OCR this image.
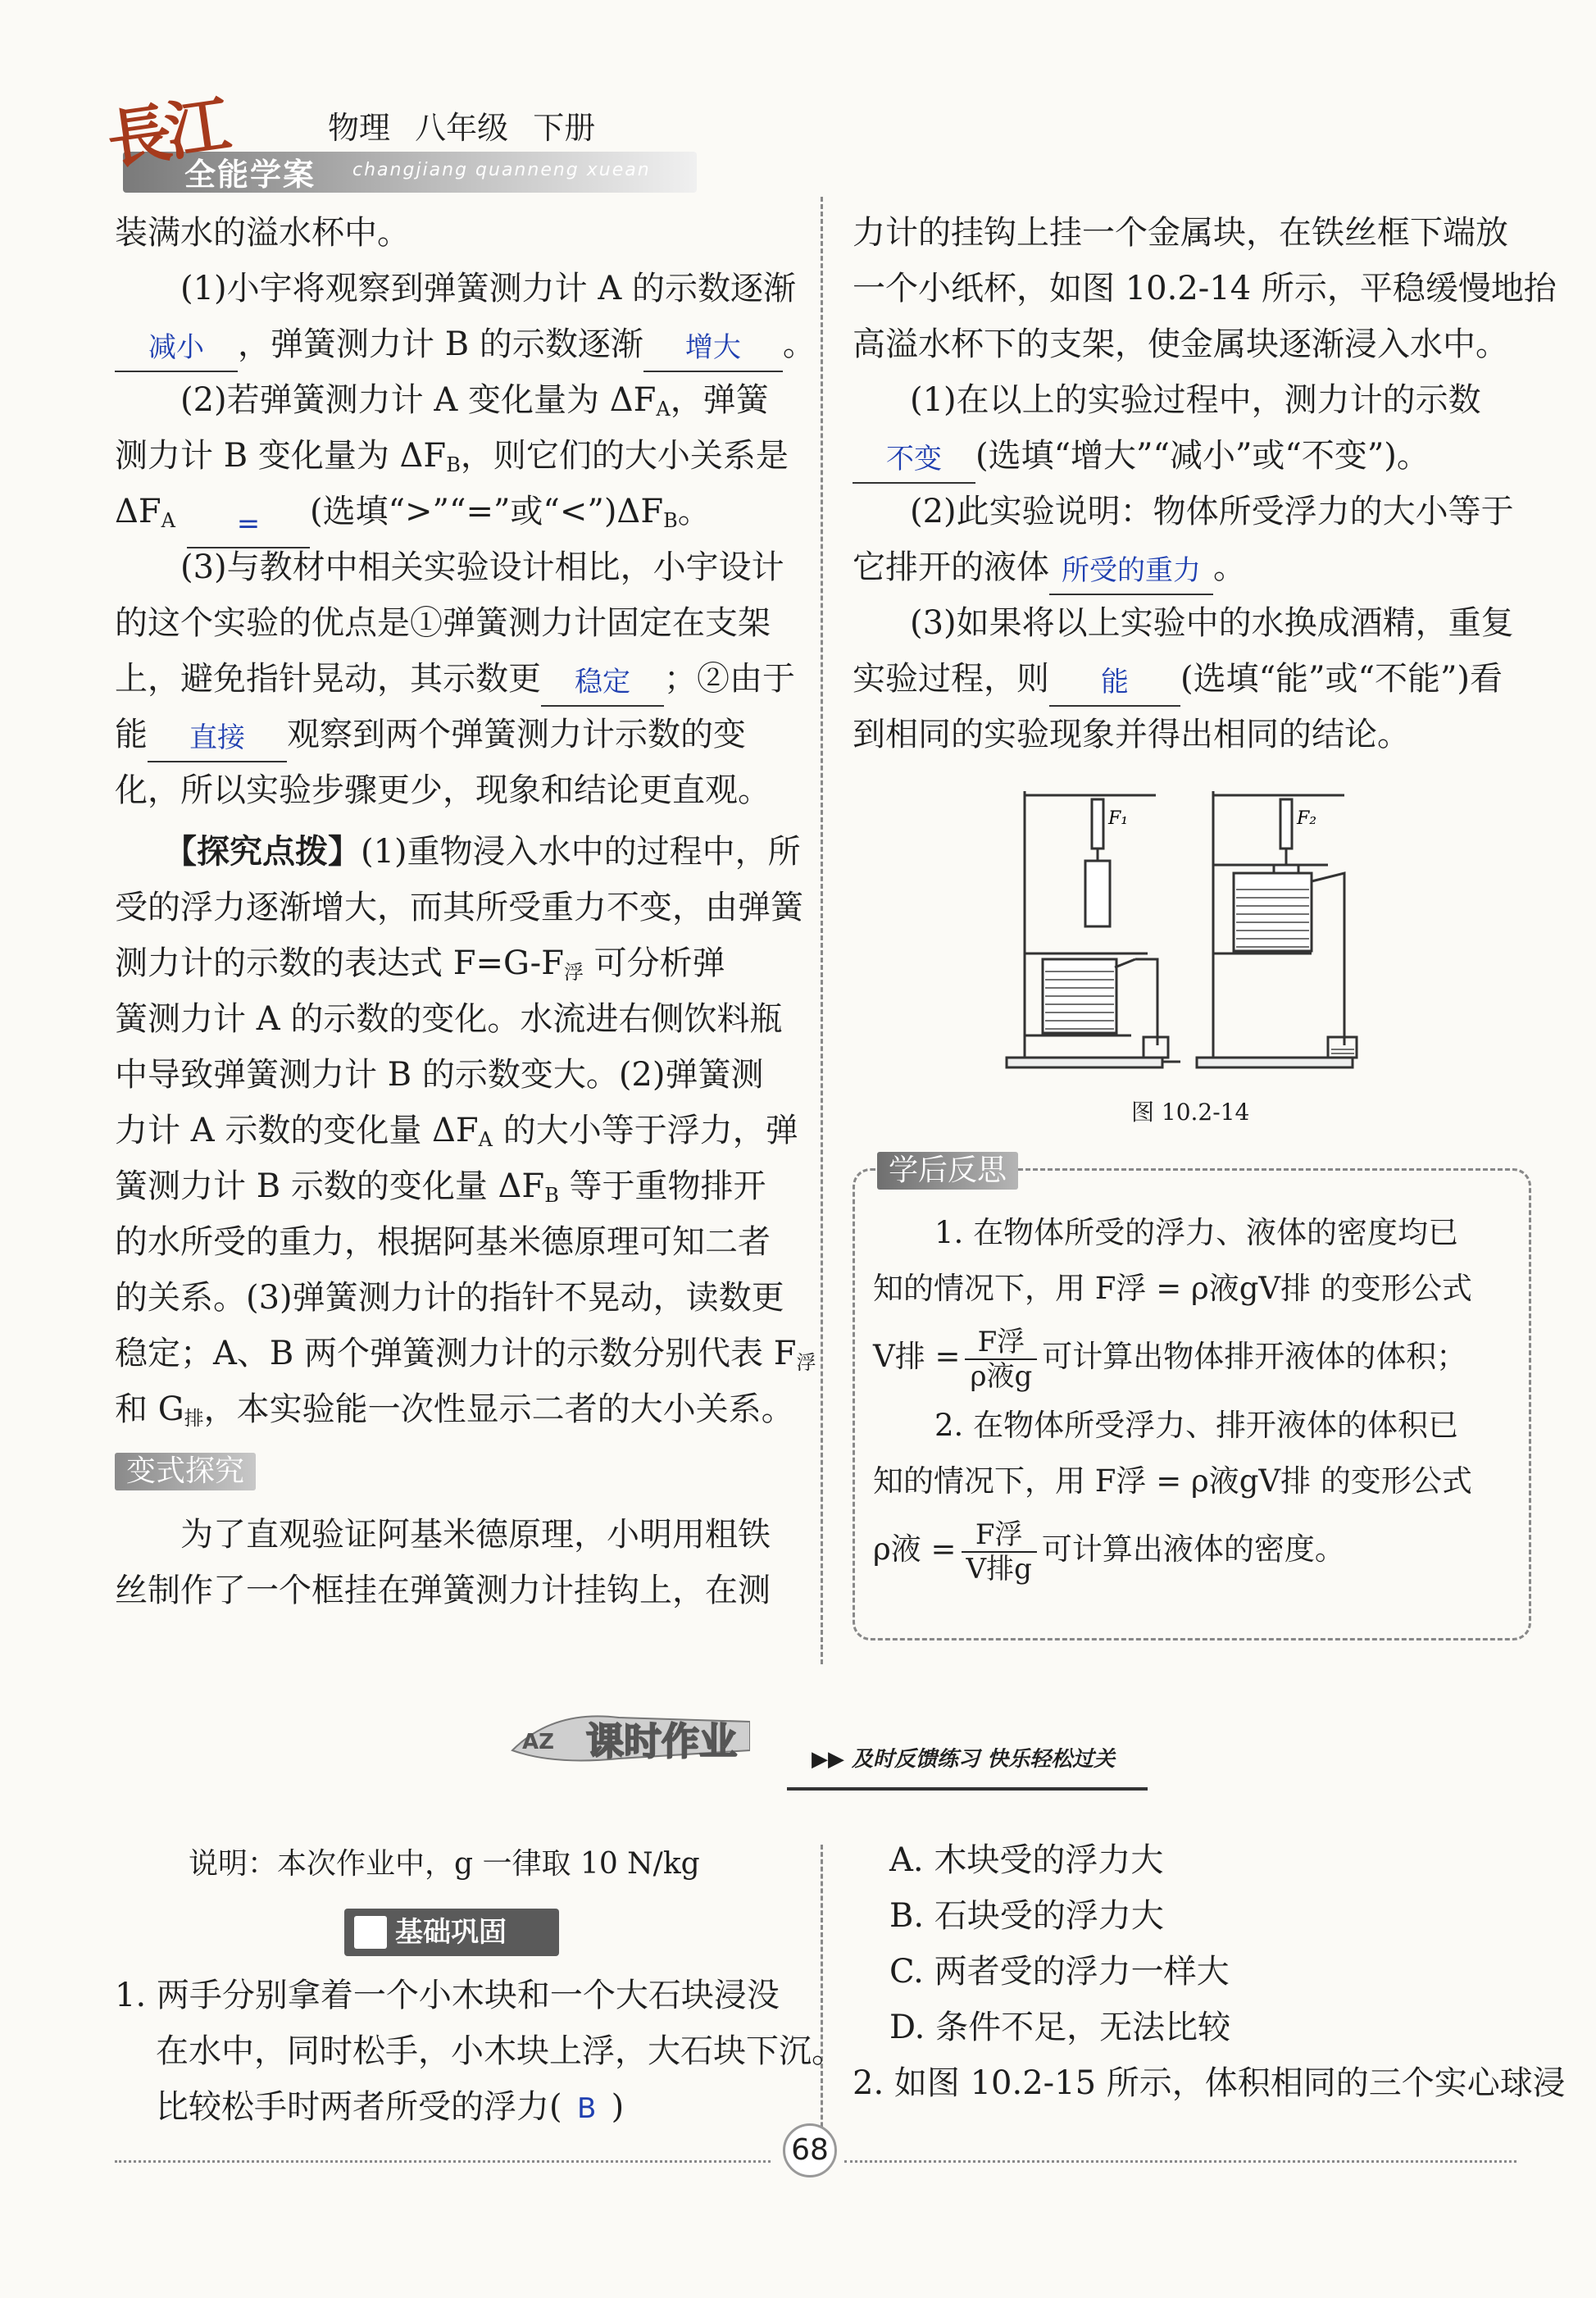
長江
全能学案 changjiang quanneng xuean
物理 八年级 下册
装满水的溢水杯中。
(1)小宇将观察到弹簧测力计 A 的示数逐渐
减小	，弹簧测力计 B 的示数逐渐	增大	。
(2)若弹簧测力计 A 变化量为 $\Delta F_A$，弹簧
测力计 B 变化量为 $\Delta F_B$，则它们的大小关系是
$\Delta F_A$	=	(选填“>”“=”或“$<”)\Delta F_B$。
(3)与教材中相关实验设计相比，小宇设计
的这个实验的优点是①弹簧测力计固定在支架
上，避免指针晃动，其示数更	稳定	；②由于
能	直接	观察到两个弹簧测力计示数的变
化，所以实验步骤更少，现象和结论更直观。
【探究点拨】(1)重物浸入水中的过程中，所
受的浮力逐渐增大，而其所受重力不变，由弹簧
测力计的示数的表达式 $F=G-F_浮$ 可分析弹
簧测力计 A 的示数的变化。水流进右侧饮料瓶
中导致弹簧测力计 B 的示数变大。(2)弹簧测
力计 A 示数的变化量 $\Delta F_A$ 的大小等于浮力，弹
簧测力计 B 示数的变化量 $\Delta F_B$ 等于重物排开
的水所受的重力，根据阿基米德原理可知二者
的关系。(3)弹簧测力计的指针不晃动，读数更
稳定；A、B 两个弹簧测力计的示数分别代表 $F_浮$
和 $G_排$，本实验能一次性显示二者的大小关系。
变式探究
为了直观验证阿基米德原理，小明用粗铁
丝制作了一个框挂在弹簧测力计挂钩上，在测
力计的挂钩上挂一个金属块，在铁丝框下端放
一个小纸杯，如图 10.2-14 所示，平稳缓慢地抬
高溢水杯下的支架，使金属块逐渐浸入水中。
(1)在以上的实验过程中，测力计的示数
不变	(选填“增大”“减小”或“不变”)。
(2)此实验说明：物体所受浮力的大小等于
它排开的液体 所受的重力 。
(3)如果将以上实验中的水换成酒精，重复
实验过程，则	能	(选填“能”或“不能”)看
到相同的实验现象并得出相同的结论。
F₁	F₂
图 10.2-14
学后反思
1. 在物体所受的浮力、液体的密度均已
知的情况下，用 F浮 = ρ液gV排 的变形公式
V排 = $\frac{\text{F浮}}{\text{ρ液g}}$ 可计算出物体排开液体的体积；
2. 在物体所受浮力、排开液体的体积已
知的情况下，用 F浮 = ρ液gV排 的变形公式
ρ液 = $\frac{\text{F浮}}{\text{V排g}}$ 可计算出液体的密度。
AZ 课时作业	▶▶ 及时反馈练习 快乐轻松过关
说明：本次作业中，g 一律取 10 N/kg
基础巩固
1. 两手分别拿着一个小木块和一个大石块浸没
在水中，同时松手，小木块上浮，大石块下沉。
比较松手时两者所受的浮力( B )
A. 木块受的浮力大
B. 石块受的浮力大
C. 两者受的浮力一样大
D. 条件不足，无法比较
2. 如图 10.2-15 所示，体积相同的三个实心球浸
68
